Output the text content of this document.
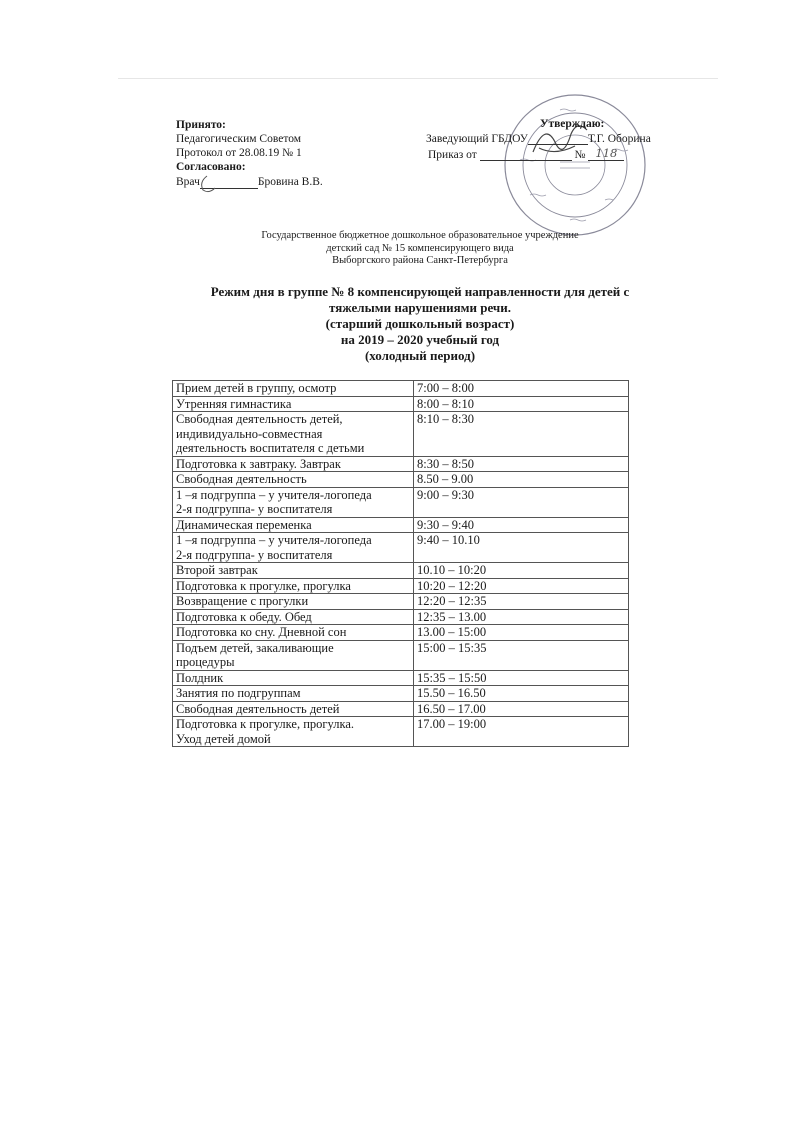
Принято:
Педагогическим Советом
Протокол от 28.08.19 № 1
Согласовано:
Врач	Бровина В.В.
Утверждаю:
Заведующий ГБДОУ	Т.Г. Оборина
Приказ от	№ 118
Государственное бюджетное дошкольное образовательное учреждение
детский сад № 15 компенсирующего вида
Выборгского района Санкт-Петербурга
Режим дня в группе № 8 компенсирующей направленности для детей с
тяжелыми нарушениями речи.
(старший дошкольный возраст)
на 2019 – 2020 учебный год
(холодный период)
Прием детей в группу, осмотр	7:00 – 8:00

Утренняя гимнастика	8:00 – 8:10

Свободная деятельность детей,
индивидуально-совместная
деятельность воспитателя с детьми	8:10 – 8:30

Подготовка к завтраку. Завтрак	8:30 – 8:50

Свободная деятельность	8.50 – 9.00

1 –я подгруппа – у учителя-логопеда
2-я подгруппа- у воспитателя	9:00 – 9:30

Динамическая переменка	9:30 – 9:40

1 –я подгруппа – у учителя-логопеда
2-я подгруппа- у воспитателя	9:40 – 10.10

Второй завтрак	10.10 – 10:20

Подготовка к прогулке, прогулка	10:20 – 12:20

Возвращение с прогулки	12:20 – 12:35

Подготовка к обеду. Обед	12:35 – 13.00

Подготовка ко сну. Дневной сон	13.00 – 15:00

Подъем детей, закаливающие
процедуры	15:00 – 15:35

Полдник	15:35 – 15:50

Занятия по подгруппам	15.50 – 16.50

Свободная деятельность детей	16.50 – 17.00

Подготовка к прогулке, прогулка.
Уход детей домой	17.00 – 19:00
